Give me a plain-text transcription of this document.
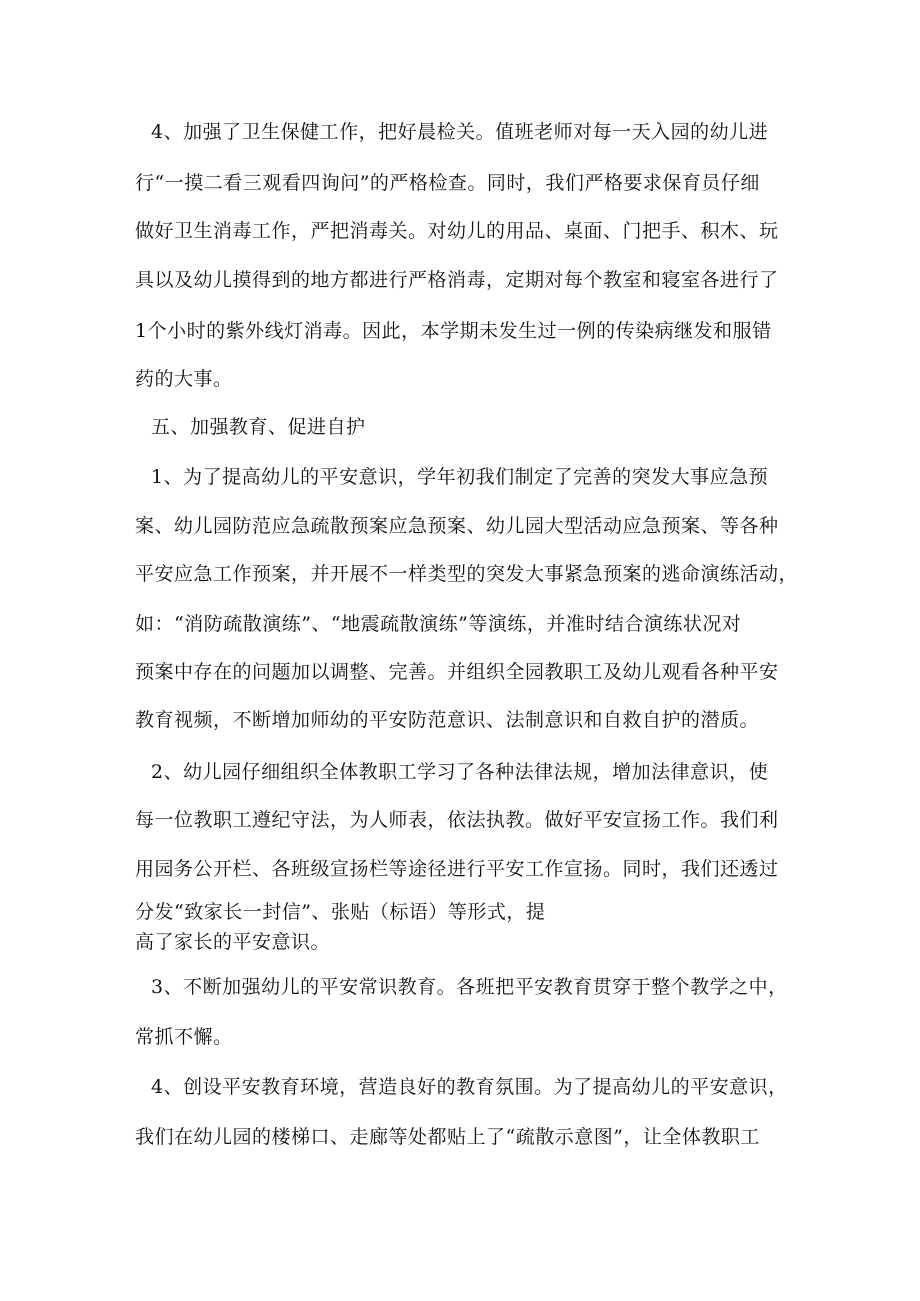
4、加强了卫生保健工作，把好晨检关。值班老师对每一天入园的幼儿进
行“一摸二看三观看四询问”的严格检查。同时，我们严格要求保育员仔细
做好卫生消毒工作，严把消毒关。对幼儿的用品、桌面、门把手、积木、玩
具以及幼儿摸得到的地方都进行严格消毒，定期对每个教室和寝室各进行了
1个小时的紫外线灯消毒。因此，本学期未发生过一例的传染病继发和服错
药的大事。
五、加强教育、促进自护
1、为了提高幼儿的平安意识，学年初我们制定了完善的突发大事应急预
案、幼儿园防范应急疏散预案应急预案、幼儿园大型活动应急预案、等各种
平安应急工作预案，并开展不一样类型的突发大事紧急预案的逃命演练活动，
如：“消防疏散演练”、“地震疏散演练”等演练，并准时结合演练状况对
预案中存在的问题加以调整、完善。并组织全园教职工及幼儿观看各种平安
教育视频，不断增加师幼的平安防范意识、法制意识和自救自护的潜质。
2、幼儿园仔细组织全体教职工学习了各种法律法规，增加法律意识，使
每一位教职工遵纪守法，为人师表，依法执教。做好平安宣扬工作。我们利
用园务公开栏、各班级宣扬栏等途径进行平安工作宣扬。同时，我们还透过
分发“致家长一封信”、张贴（标语）等形式，提
高了家长的平安意识。
3、不断加强幼儿的平安常识教育。各班把平安教育贯穿于整个教学之中，
常抓不懈。
4、创设平安教育环境，营造良好的教育氛围。为了提高幼儿的平安意识，
我们在幼儿园的楼梯口、走廊等处都贴上了“疏散示意图”，让全体教职工
